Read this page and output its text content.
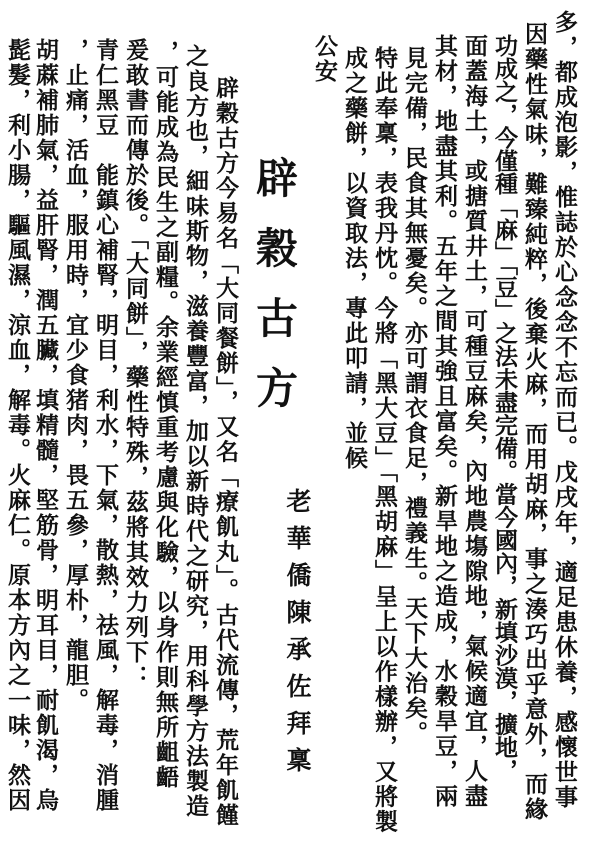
多，都成泡影，惟誌於心念念不忘而已。戊戌年，適足患休養，感懷世事
因藥性氣味，難臻純粹，後棄火麻，而用胡麻，事之湊巧出乎意外，而緣
功成之，今僅種「麻」「豆」之法未盡完備。當今國內，新填沙漠，擴地，
面蓋海土，或搪質井土，可種豆麻矣，內地農塲隙地，氣候適宜，人盡
其材，地盡其利。五年之間其強且富矣。新旱地之造成，水穀旱豆，兩
見完備，民食其無憂矣。亦可謂衣食足，禮義生。天下大治矣。
特此奉稟，表我丹忱。今將「黑大豆」「黑胡麻」呈上以作樣辦，又將製
成之藥餅，以資取法，專此叩請，並候
公安
辟穀古方
老華僑陳承佐拜稟
辟穀古方今易名「大同餐餅」，又名「療飢丸」。古代流傳，荒年飢饉
之良方也，細味斯物，滋養豐富，加以新時代之研究，用科學方法製造
，可能成為民生之副糧。余業經慎重考慮與化驗，以身作則無所齟齬
爰敢書而傳於後。「大同餅」，藥性特殊，茲將其效力列下：
青仁黑豆　能鎮心補腎，明目，利水，下氣，散熱，祛風，解毒，消腫
，止痛，活血，服用時，宜少食猪肉，畏五參，厚朴，龍胆。
胡蔴補肺氣，益肝腎，潤五臟，填精髓，堅筋骨，明耳目，耐飢渴，烏
髭髮，利小腸，驅風濕，涼血，解毒。火麻仁。原本方內之一味，然因
